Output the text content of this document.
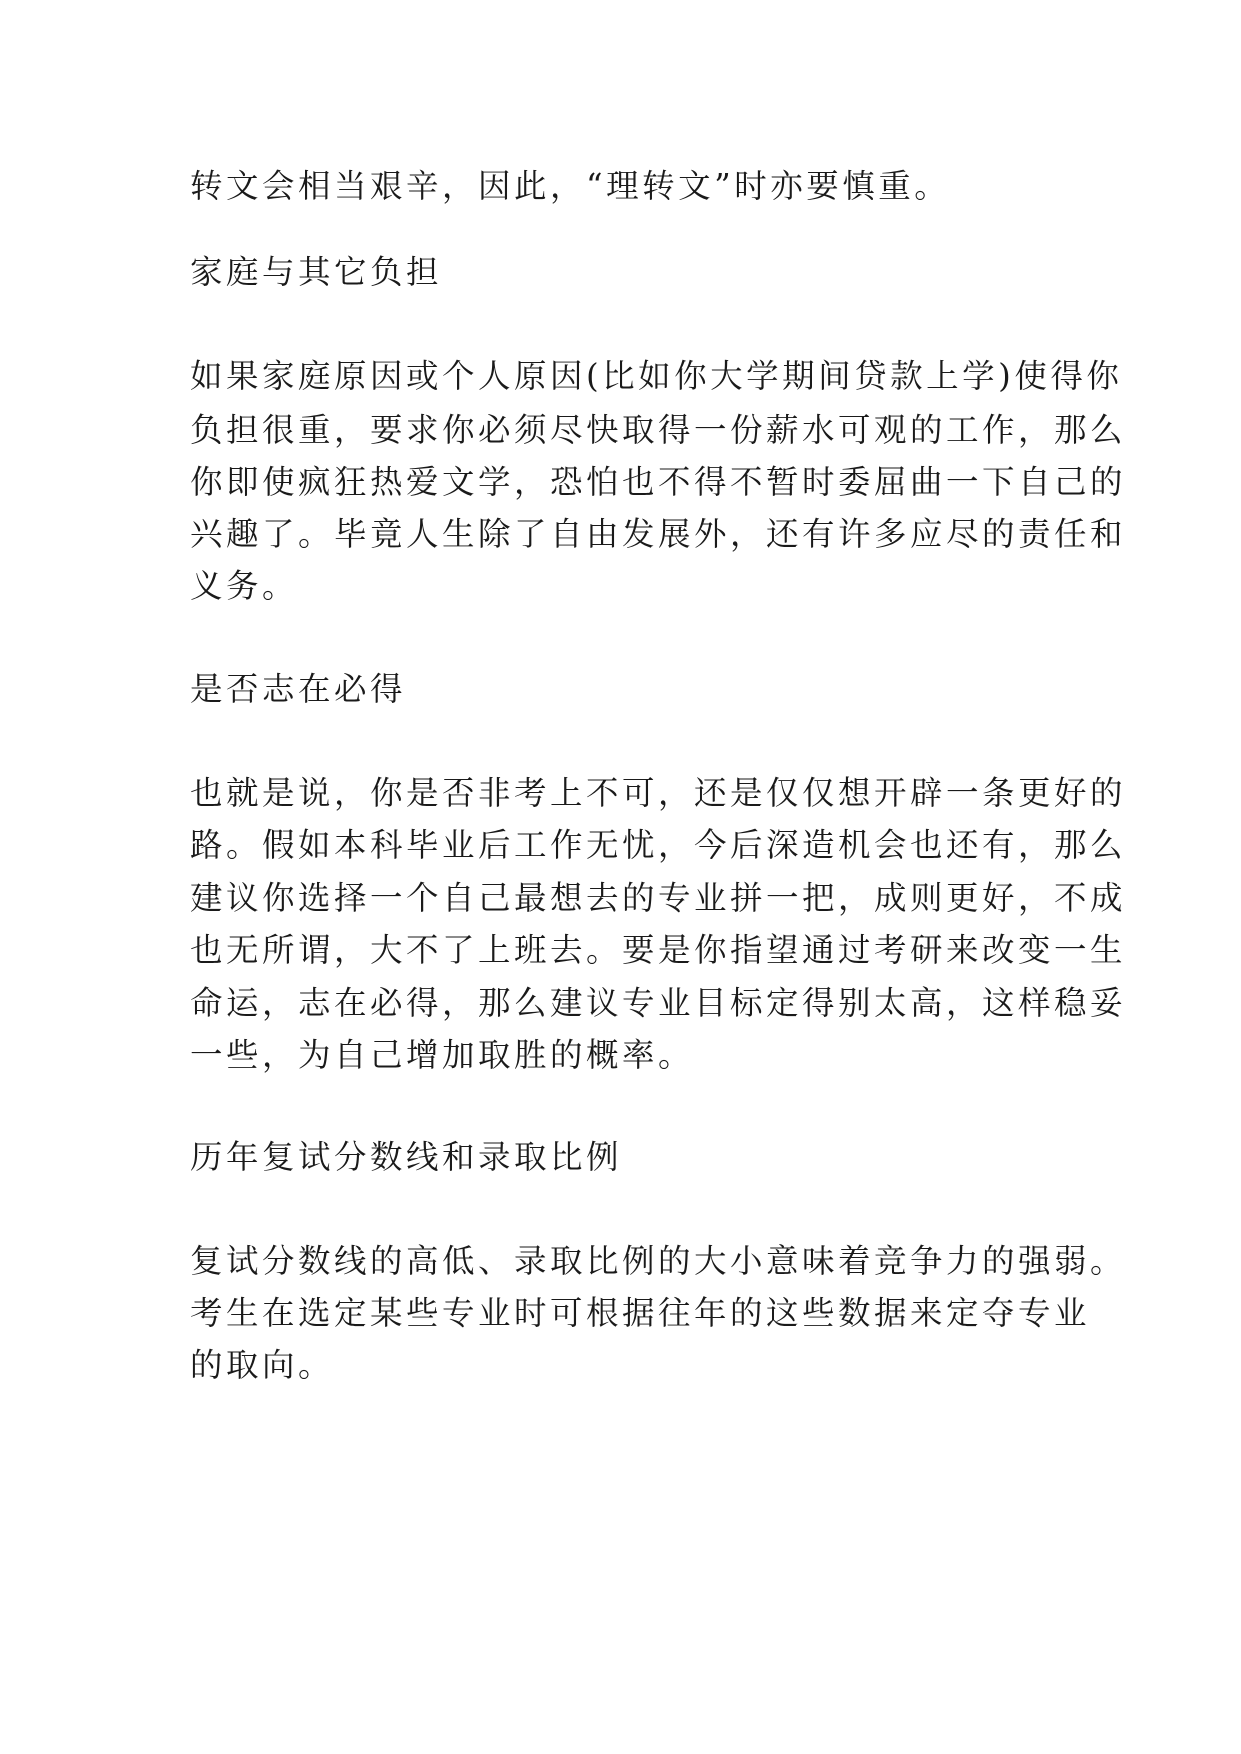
转文会相当艰辛，因此，“理转文”时亦要慎重。

家庭与其它负担

如果家庭原因或个人原因(比如你大学期间贷款上学)使得你

负担很重，要求你必须尽快取得一份薪水可观的工作，那么

你即使疯狂热爱文学，恐怕也不得不暂时委屈曲一下自己的

兴趣了。毕竟人生除了自由发展外，还有许多应尽的责任和

义务。

是否志在必得

也就是说，你是否非考上不可，还是仅仅想开辟一条更好的

路。假如本科毕业后工作无忧，今后深造机会也还有，那么

建议你选择一个自己最想去的专业拼一把，成则更好，不成

也无所谓，大不了上班去。要是你指望通过考研来改变一生

命运，志在必得，那么建议专业目标定得别太高，这样稳妥

一些，为自己增加取胜的概率。

历年复试分数线和录取比例

复试分数线的高低、录取比例的大小意味着竞争力的强弱。

考生在选定某些专业时可根据往年的这些数据来定夺专业

的取向。
